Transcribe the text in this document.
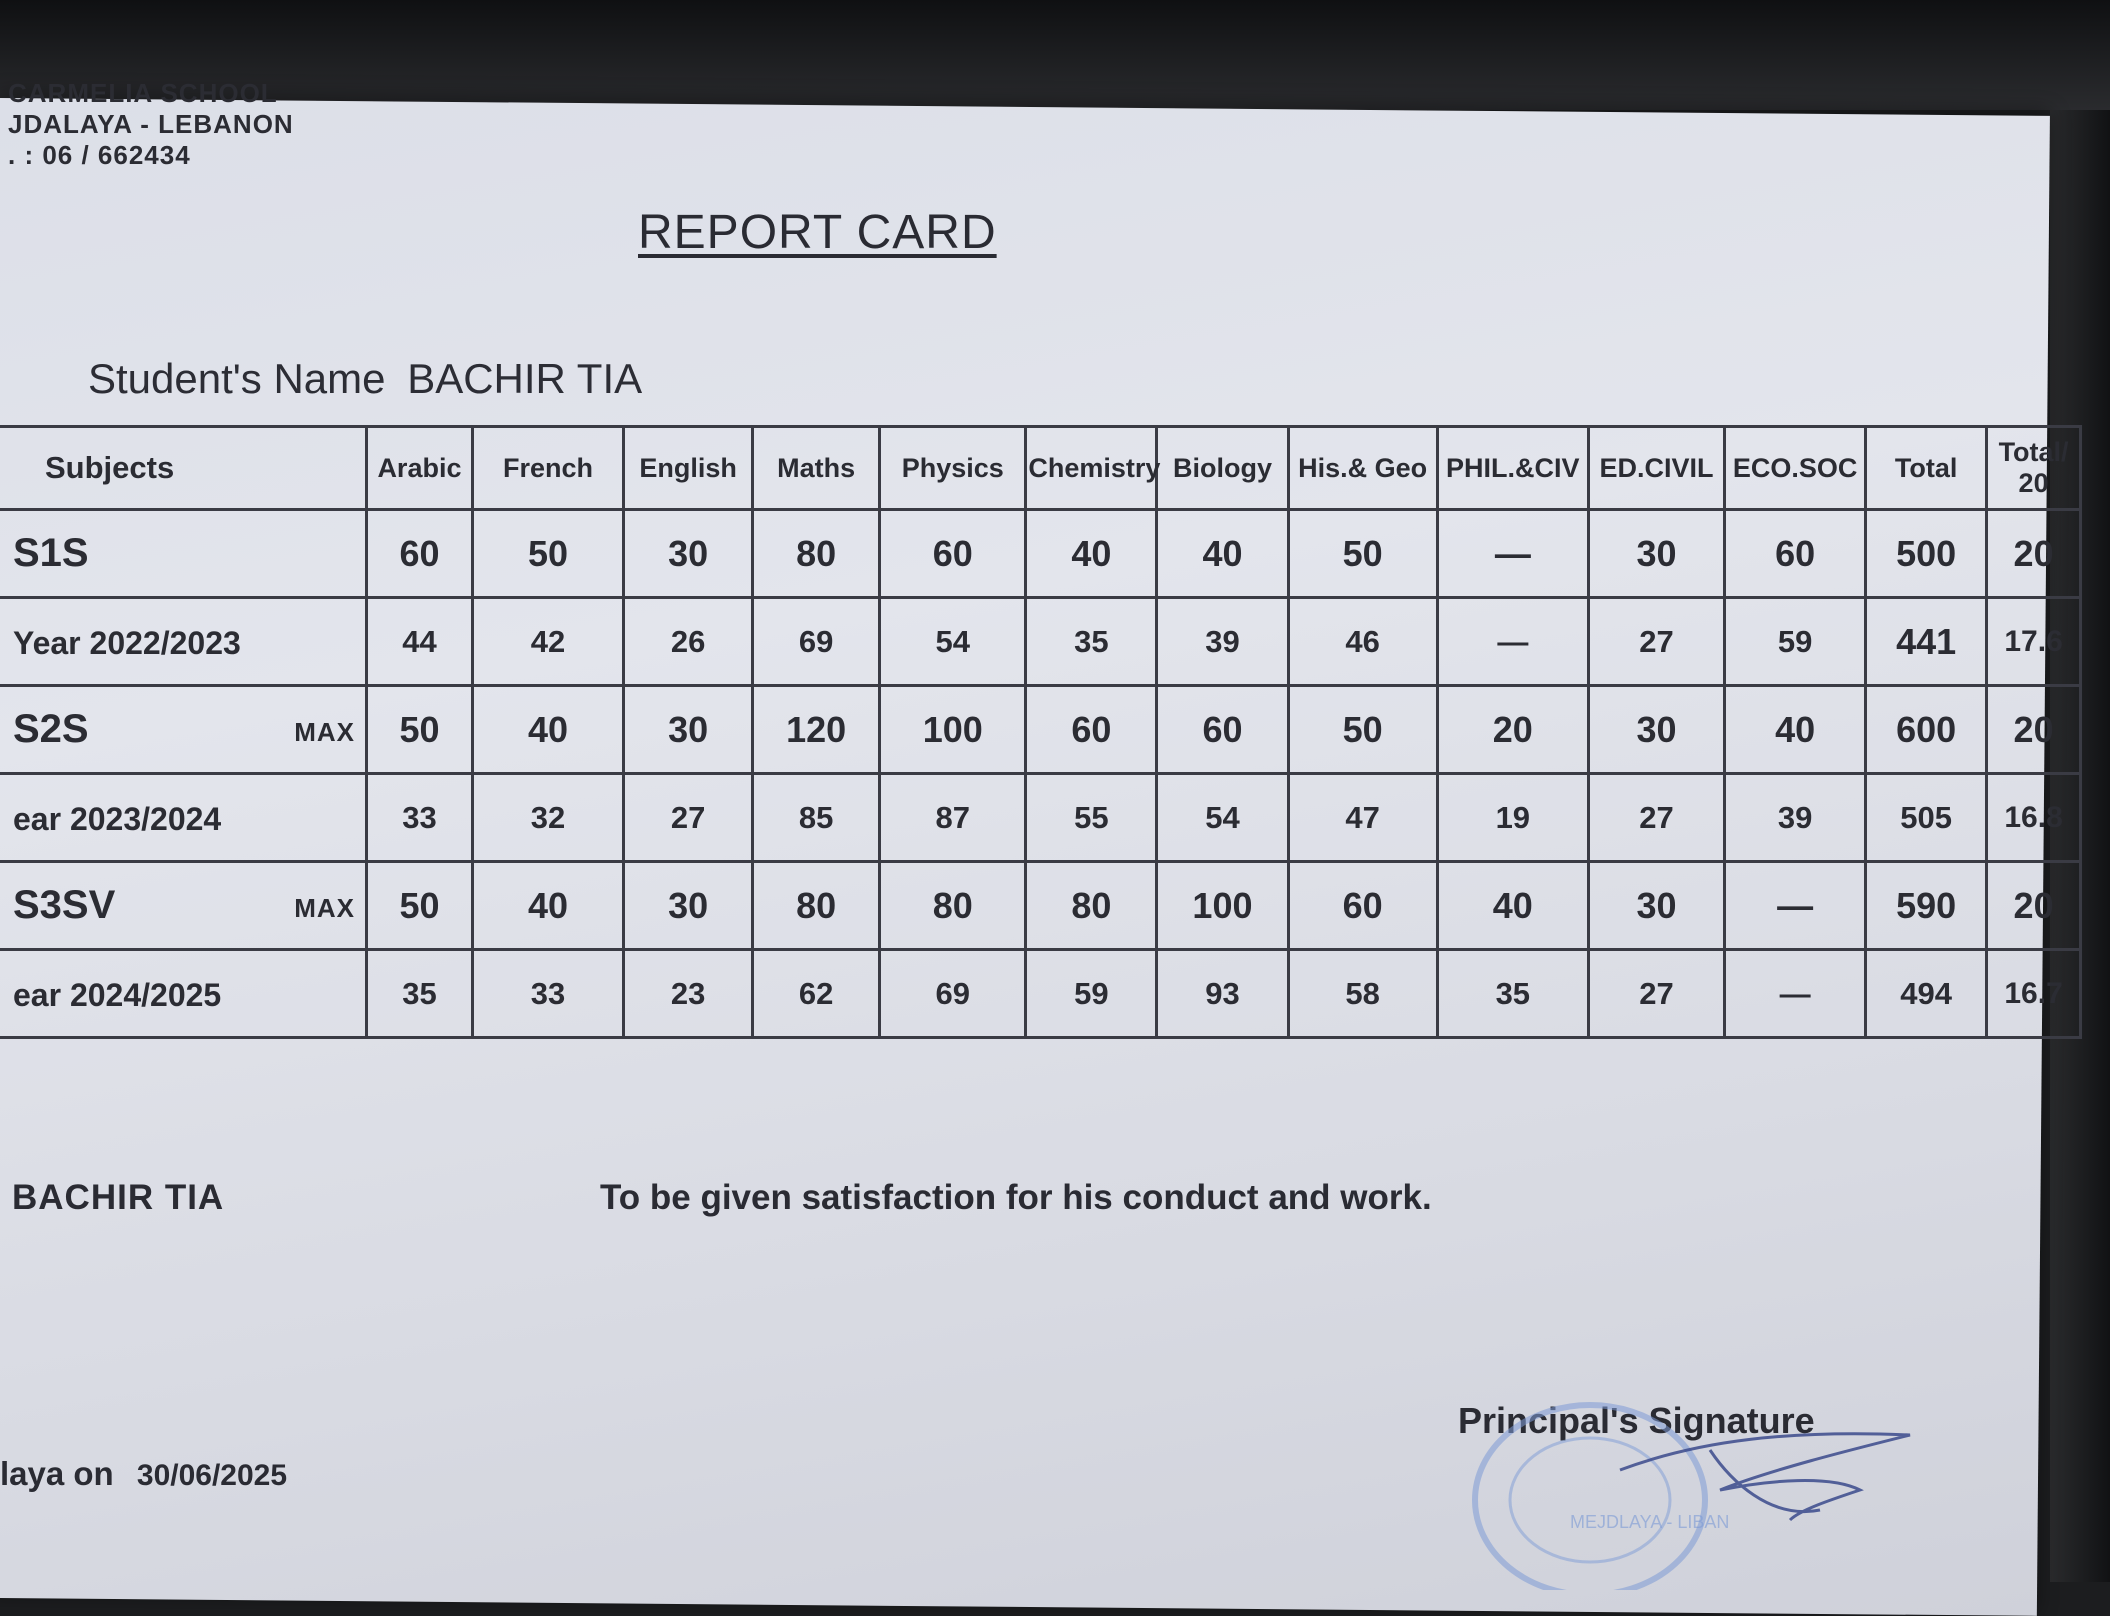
CARMELIA SCHOOL
JDALAYA - LEBANON
. : 06 / 662434
REPORT CARD
Student's Name BACHIR TIA
Subjects	Arabic	French	English	Maths	Physics	Chemistry	Biology	His.& Geo	PHIL.&CIV	ED.CIVIL	ECO.SOC	Total	Total/ 20
S1S	60	50	30	80	60	40	40	50	—	30	60	500	20
Year 2022/2023	44	42	26	69	54	35	39	46	—	27	59	441	17.6
S2S MAX	50	40	30	120	100	60	60	50	20	30	40	600	20
ear 2023/2024	33	32	27	85	87	55	54	47	19	27	39	505	16.8
S3SV MAX	50	40	30	80	80	80	100	60	40	30	—	590	20
ear 2024/2025	35	33	23	62	69	59	93	58	35	27	—	494	16.7
BACHIR TIA	To be given satisfaction for his conduct and work.
laya on 30/06/2025
Principal's Signature
MEJDLAYA - LIBAN
